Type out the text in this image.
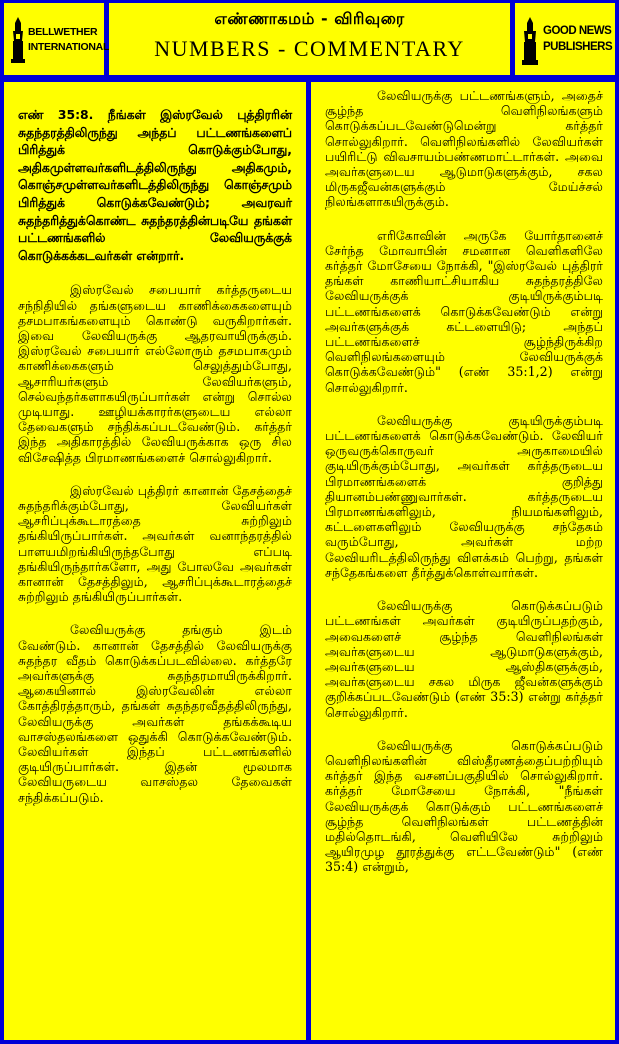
BELLWETHER
INTERNATIONAL
எண்ணாகமம் - விரிவுரை
NUMBERS - COMMENTARY
GOOD NEWS
PUBLISHERS

எண் 35:8. நீங்கள் இஸ்ரவேல் புத்திரரின் சுதந்தரத்திலிருந்து அந்தப் பட்டணங்களைப் பிரித்துக் கொடுக்கும்போது, அதிகமுள்ளவர்களிடத்திலிருந்து அதிகமும், கொஞ்சமுள்ளவர்களிடத்திலிருந்து கொஞ்சமும் பிரித்துக் கொடுக்கவேண்டும்; அவரவர் சுதந்தரித்துக்கொண்ட சுதந்தரத்தின்படியே தங்கள் பட்டணங்களில் லேவியருக்குக் கொடுக்கக்கடவர்கள் என்றார்.

இஸ்ரவேல் சபையார் கர்த்தருடைய சந்நிதியில் தங்களுடைய காணிக்கைகளையும் தசமபாகங்களையும் கொண்டு வருகிறார்கள். இவை லேவியருக்கு ஆதரவாயிருக்கும். இஸ்ரவேல் சபையார் எல்லோரும் தசமபாகமும் காணிக்கைகளும் செலுத்தும்போது, ஆசாரியர்களும் லேவியர்களும், செல்வந்தர்களாகயிருப்பார்கள் என்று சொல்ல முடியாது. ஊழியக்காரர்களுடைய எல்லா தேவைகளும் சந்திக்கப்படவேண்டும். கர்த்தர் இந்த அதிகாரத்தில் லேவியருக்காக ஒரு சில விசேஷித்த பிரமாணங்களைச் சொல்லுகிறார்.

இஸ்ரவேல் புத்திரர் கானான் தேசத்தைச் சுதந்தரிக்கும்போது, லேவியர்கள் ஆசரிப்புக்கூடாரத்தை சுற்றிலும் தங்கியிருப்பார்கள். அவர்கள் வனாந்தரத்தில் பாளயமிறங்கியிருந்தபோது எப்படி தங்கியிருந்தார்களோ, அது போலவே அவர்கள் கானான் தேசத்திலும், ஆசரிப்புக்கூடாரத்தைச் சுற்றிலும் தங்கியிருப்பார்கள்.

லேவியருக்கு தங்கும் இடம் வேண்டும். கானான் தேசத்தில் லேவியருக்கு சுதந்தர வீதம் கொடுக்கப்படவில்லை. கர்த்தரே அவர்களுக்கு சுதந்தரமாயிருக்கிறார். ஆகையினால் இஸ்ரவேலின் எல்லா கோத்திரத்தாரும், தங்கள் சுதந்தரவீதத்திலிருந்து, லேவியருக்கு அவர்கள் தங்கக்கூடிய வாசஸ்தலங்களை ஒதுக்கி கொடுக்கவேண்டும். லேவியர்கள் இந்தப் பட்டணங்களில் குடியிருப்பார்கள். இதன் மூலமாக லேவியருடைய வாசஸ்தல தேவைகள் சந்திக்கப்படும்.

லேவியருக்கு பட்டணங்களும், அதைச் சூழ்ந்த வெளிநிலங்களும் கொடுக்கப்படவேண்டுமென்று கர்த்தர் சொல்லுகிறார். வெளிநிலங்களில் லேவியர்கள் பயிரிட்டு விவசாயம்பண்ணமாட்டார்கள். அவை அவர்களுடைய ஆடுமாடுகளுக்கும், சகல மிருகஜீவன்களுக்கும் மேய்ச்சல் நிலங்களாகயிருக்கும்.

எரிகோவின் அருகே யோர்தானைச் சேர்ந்த மோவாபின் சமனான வெளிகளிலே கர்த்தர் மோசேயை நோக்கி, "இஸ்ரவேல் புத்திரர் தங்கள் காணியாட்சியாகிய சுதந்தரத்திலே லேவியருக்குக் குடியிருக்கும்படி பட்டணங்களைக் கொடுக்கவேண்டும் என்று அவர்களுக்குக் கட்டளையிடு; அந்தப் பட்டணங்களைச் சூழ்ந்திருக்கிற வெளிநிலங்களையும் லேவியருக்குக் கொடுக்கவேண்டும்" (எண் 35:1,2) என்று சொல்லுகிறார்.

லேவியருக்கு குடியிருக்கும்படி பட்டணங்களைக் கொடுக்கவேண்டும். லேவியர் ஒருவருக்கொருவர் அருகாமையில் குடியிருக்கும்போது, அவர்கள் கர்த்தருடைய பிரமாணங்களைக் குறித்து தியானம்பண்ணுவார்கள். கர்த்தருடைய பிரமாணங்களிலும், நியமங்களிலும், கட்டளைகளிலும் லேவியருக்கு சந்தேகம் வரும்போது, அவர்கள் மற்ற லேவியரிடத்திலிருந்து விளக்கம் பெற்று, தங்கள் சந்தேகங்களை தீர்த்துக்கொள்வார்கள்.

லேவியருக்கு கொடுக்கப்படும் பட்டணங்கள் அவர்கள் குடியிருப்பதற்கும், அவைகளைச் சூழ்ந்த வெளிநிலங்கள் அவர்களுடைய ஆடுமாடுகளுக்கும், அவர்களுடைய ஆஸ்திகளுக்கும், அவர்களுடைய சகல மிருக ஜீவன்களுக்கும் குறிக்கப்படவேண்டும் (எண் 35:3) என்று கர்த்தர் சொல்லுகிறார்.

லேவியருக்கு கொடுக்கப்படும் வெளிநிலங்களின் விஸ்தீரணத்தைப்பற்றியும் கர்த்தர் இந்த வசனப்பகுதியில் சொல்லுகிறார். கர்த்தர் மோசேயை நோக்கி, "நீங்கள் லேவியருக்குக் கொடுக்கும் பட்டணங்களைச் சூழ்ந்த வெளிநிலங்கள் பட்டணத்தின் மதில்தொடங்கி, வெளியிலே சுற்றிலும் ஆயிரமுழ தூரத்துக்கு எட்டவேண்டும்" (எண் 35:4) என்றும்,
